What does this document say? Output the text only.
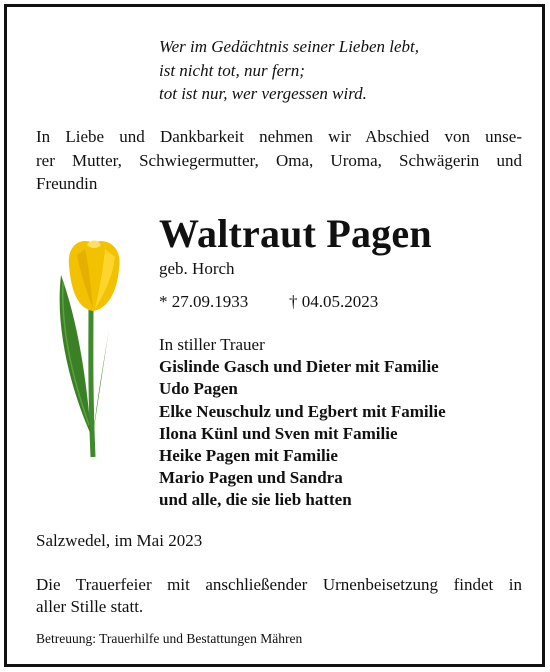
Wer im Gedächtnis seiner Lieben lebt,
ist nicht tot, nur fern;
tot ist nur, wer vergessen wird.
In Liebe und Dankbarkeit nehmen wir Abschied von unse-
rer Mutter, Schwiegermutter, Oma, Uroma, Schwägerin und
Freundin
Waltraut Pagen
geb. Horch
* 27.09.1933 † 04.05.2023
In stiller Trauer
Gislinde Gasch und Dieter mit Familie
Udo Pagen
Elke Neuschulz und Egbert mit Familie
Ilona Künl und Sven mit Familie
Heike Pagen mit Familie
Mario Pagen und Sandra
und alle, die sie lieb hatten
Salzwedel, im Mai 2023
Die Trauerfeier mit anschließender Urnenbeisetzung findet in
aller Stille statt.
Betreuung: Trauerhilfe und Bestattungen Mähren
